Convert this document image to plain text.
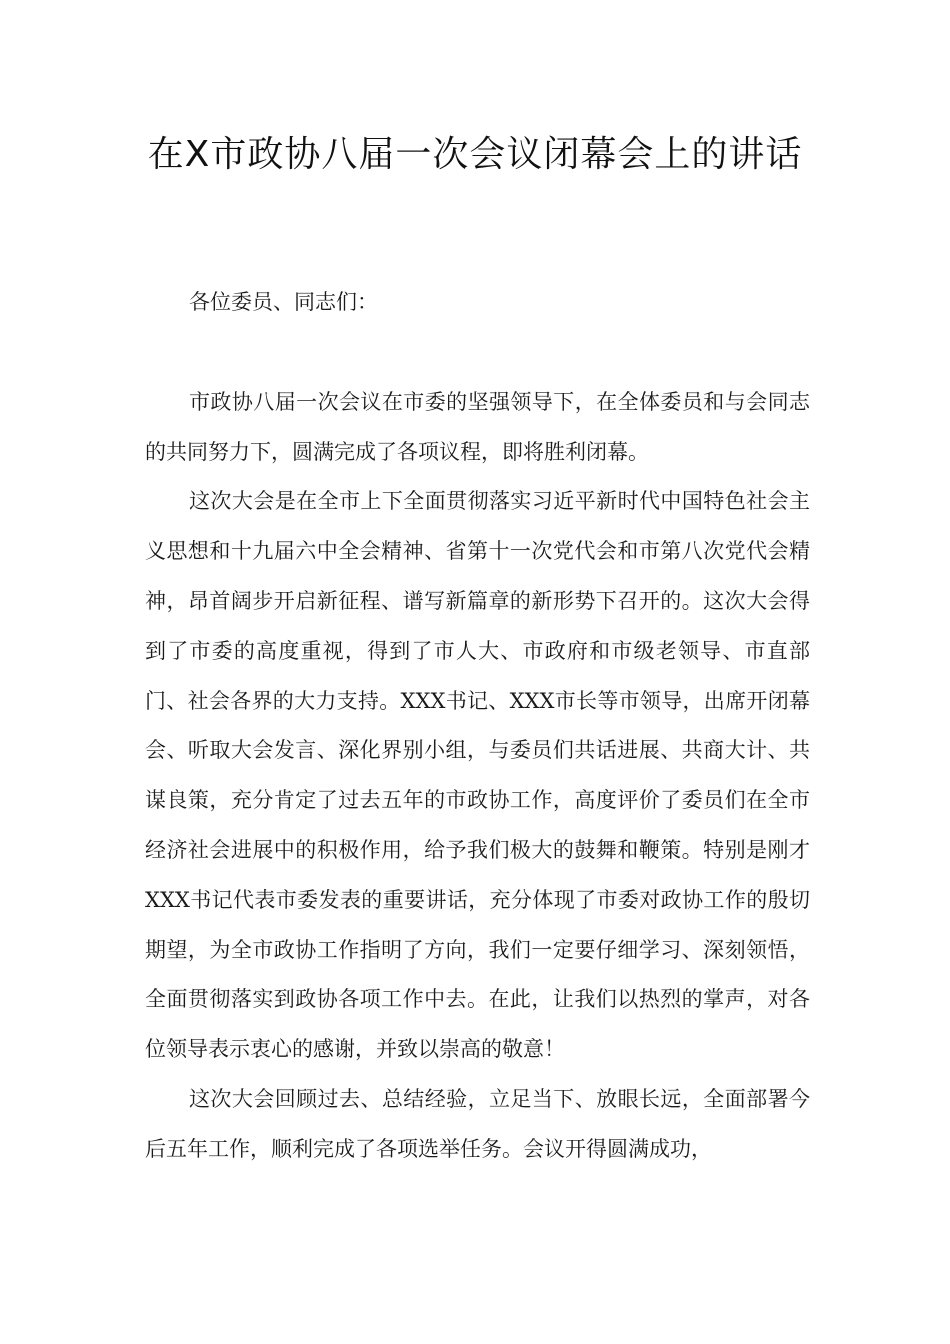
在X市政协八届一次会议闭幕会上的讲话

各位委员、同志们：

市政协八届一次会议在市委的坚强领导下，在全体委员和与会同志的共同努力下，圆满完成了各项议程，即将胜利闭幕。

这次大会是在全市上下全面贯彻落实习近平新时代中国特色社会主义思想和十九届六中全会精神、省第十一次党代会和市第八次党代会精神，昂首阔步开启新征程、谱写新篇章的新形势下召开的。这次大会得到了市委的高度重视，得到了市人大、市政府和市级老领导、市直部门、社会各界的大力支持。XXX书记、XXX市长等市领导，出席开闭幕会、听取大会发言、深化界别小组，与委员们共话进展、共商大计、共谋良策，充分肯定了过去五年的市政协工作，高度评价了委员们在全市经济社会进展中的积极作用，给予我们极大的鼓舞和鞭策。特别是刚才XXX书记代表市委发表的重要讲话，充分体现了市委对政协工作的殷切期望，为全市政协工作指明了方向，我们一定要仔细学习、深刻领悟，全面贯彻落实到政协各项工作中去。在此，让我们以热烈的掌声，对各位领导表示衷心的感谢，并致以崇高的敬意！

这次大会回顾过去、总结经验，立足当下、放眼长远，全面部署今后五年工作，顺利完成了各项选举任务。会议开得圆满成功，
